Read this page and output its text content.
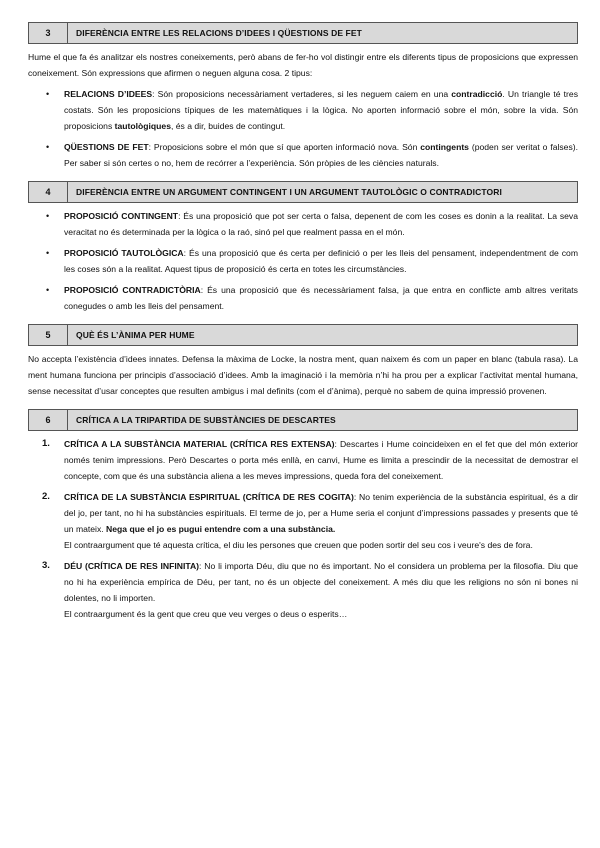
3	DIFERÈNCIA ENTRE LES RELACIONS D’IDEES I QÜESTIONS DE FET

Hume el que fa és analitzar els nostres coneixements, però abans de fer-ho vol distingir entre els diferents tipus de proposicions que expressen coneixement. Són expressions que afirmen o neguen alguna cosa. 2 tipus:

• RELACIONS D’IDEES: Són proposicions necessàriament vertaderes, si les neguem caiem en una contradicció. Un triangle té tres costats. Són les proposicions típiques de les matemàtiques i la lògica. No aporten informació sobre el món, sobre la vida. Són proposicions tautològiques, és a dir, buides de contingut.
• QÜESTIONS DE FET: Proposicions sobre el món que sí que aporten informació nova. Són contingents (poden ser veritat o falses). Per saber si són certes o no, hem de recórrer a l’experiència. Són pròpies de les ciències naturals.
4	DIFERÈNCIA ENTRE UN ARGUMENT CONTINGENT I UN ARGUMENT TAUTOLÒGIC O CONTRADICTORI
• PROPOSICIÓ CONTINGENT: És una proposició que pot ser certa o falsa, depenent de com les coses es donin a la realitat. La seva veracitat no és determinada per la lògica o la raó, sinó pel que realment passa en el món.
• PROPOSICIÓ TAUTOLÒGICA: És una proposició que és certa per definició o per les lleis del pensament, independentment de com les coses són a la realitat. Aquest tipus de proposició és certa en totes les circumstàncies.
• PROPOSICIÓ CONTRADICTÒRIA: És una proposició que és necessàriament falsa, ja que entra en conflicte amb altres veritats conegudes o amb les lleis del pensament.
5	QUÈ ÉS L’ÀNIMA PER HUME

No accepta l’existència d’idees innates. Defensa la màxima de Locke, la nostra ment, quan naixem és com un paper en blanc (tabula rasa). La ment humana funciona per principis d’associació d’idees. Amb la imaginació i la memòria n’hi ha prou per a explicar l’activitat mental humana, sense necessitat d’usar conceptes que resulten ambigus i mal definits (com el d’ànima), perquè no sabem de quina impressió provenen.

6	CRÍTICA A LA TRIPARTIDA DE SUBSTÀNCIES DE DESCARTES
1. CRÍTICA A LA SUBSTÀNCIA MATERIAL (CRÍTICA RES EXTENSA): Descartes i Hume coincideixen en el fet que del món exterior només tenim impressions. Però Descartes o porta més enllà, en canvi, Hume es limita a prescindir de la necessitat de demostrar el concepte, com que és una substància aliena a les meves impressions, queda fora del coneixement.
2. CRÍTICA DE LA SUBSTÀNCIA ESPIRITUAL (CRÍTICA DE RES COGITA): No tenim experiència de la substància espiritual, és a dir del jo, per tant, no hi ha substàncies espirituals. El terme de jo, per a Hume seria el conjunt d’impressions passades y presents que té un mateix. Nega que el jo es pugui entendre com a una substància.
El contraargument que té aquesta crítica, el diu les persones que creuen que poden sortir del seu cos i veure's des de fora.
3. DÉU (CRÍTICA DE RES INFINITA): No li importa Déu, diu que no és important. No el considera un problema per la filosofia. Diu que no hi ha experiència empírica de Déu, per tant, no és un objecte del coneixement. A més diu que les religions no són ni bones ni dolentes, no li importen.
El contraargument és la gent que creu que veu verges o deus o esperits…
